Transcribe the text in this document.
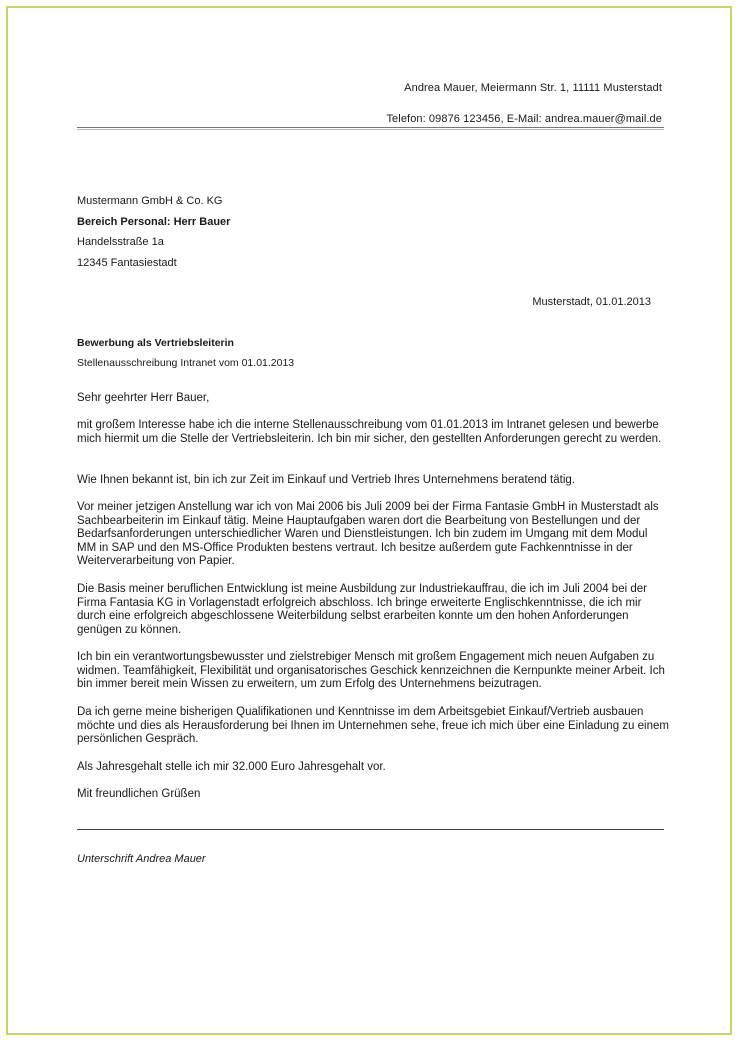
Andrea Mauer, Meiermann Str. 1, 11111 Musterstadt
Telefon: 09876 123456, E-Mail: andrea.mauer@mail.de
Mustermann GmbH & Co. KG
Bereich Personal: Herr Bauer
Handelsstraße 1a
12345 Fantasiestadt
Musterstadt, 01.01.2013
Bewerbung als Vertriebsleiterin
Stellenausschreibung Intranet vom 01.01.2013
Sehr geehrter Herr Bauer,
mit großem Interesse habe ich die interne Stellenausschreibung vom 01.01.2013 im Intranet gelesen und bewerbe mich hiermit um die Stelle der Vertriebsleiterin. Ich bin mir sicher, den gestellten Anforderungen gerecht zu werden.
Wie Ihnen bekannt ist, bin ich zur Zeit im Einkauf und Vertrieb Ihres Unternehmens beratend tätig.
Vor meiner jetzigen Anstellung war ich von Mai 2006 bis Juli 2009 bei der Firma Fantasie GmbH in Musterstadt als Sachbearbeiterin im Einkauf tätig. Meine Hauptaufgaben waren dort die Bearbeitung von Bestellungen und der Bedarfsanforderungen unterschiedlicher Waren und Dienstleistungen. Ich bin zudem im Umgang mit dem Modul MM in SAP und den MS-Office Produkten bestens vertraut. Ich besitze außerdem gute Fachkenntnisse in der Weiterverarbeitung von Papier.
Die Basis meiner beruflichen Entwicklung ist meine Ausbildung zur Industriekauffrau, die ich im Juli 2004 bei der Firma Fantasia KG in Vorlagenstadt erfolgreich abschloss. Ich bringe erweiterte Englischkenntnisse, die ich mir durch eine erfolgreich abgeschlossene Weiterbildung selbst erarbeiten konnte um den hohen Anforderungen genügen zu können.
Ich bin ein verantwortungsbewusster und zielstrebiger Mensch mit großem Engagement mich neuen Aufgaben zu widmen. Teamfähigkeit, Flexibilität und organisatorisches Geschick kennzeichnen die Kernpunkte meiner Arbeit. Ich bin immer bereit mein Wissen zu erweitern, um zum Erfolg des Unternehmens beizutragen.
Da ich gerne meine bisherigen Qualifikationen und Kenntnisse im dem Arbeitsgebiet Einkauf/Vertrieb ausbauen möchte und dies als Herausforderung bei Ihnen im Unternehmen sehe, freue ich mich über eine Einladung zu einem persönlichen Gespräch.
Als Jahresgehalt stelle ich mir 32.000 Euro Jahresgehalt vor.
Mit freundlichen Grüßen
Unterschrift Andrea Mauer
